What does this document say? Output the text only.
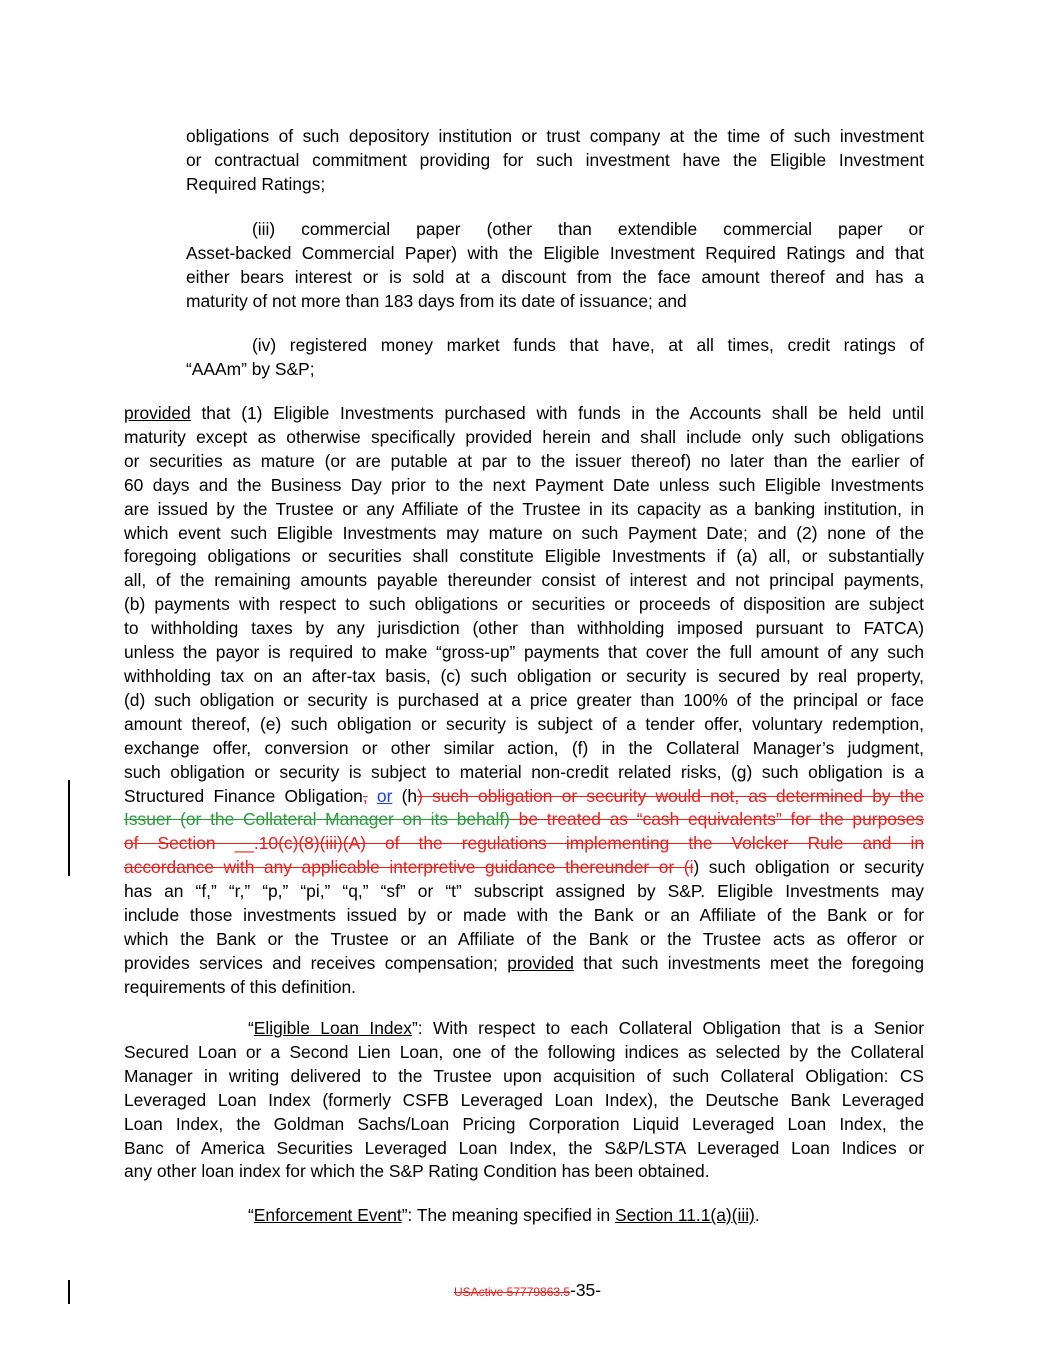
obligations of such depository institution or trust company at the time of such investment
or contractual commitment providing for such investment have the Eligible Investment
Required Ratings;
(iii) commercial paper (other than extendible commercial paper or
Asset-backed Commercial Paper) with the Eligible Investment Required Ratings and that
either bears interest or is sold at a discount from the face amount thereof and has a
maturity of not more than 183 days from its date of issuance; and
(iv) registered money market funds that have, at all times, credit ratings of
“AAAm” by S&P;
provided that (1) Eligible Investments purchased with funds in the Accounts shall be held until
maturity except as otherwise specifically provided herein and shall include only such obligations
or securities as mature (or are putable at par to the issuer thereof) no later than the earlier of
60 days and the Business Day prior to the next Payment Date unless such Eligible Investments
are issued by the Trustee or any Affiliate of the Trustee in its capacity as a banking institution, in
which event such Eligible Investments may mature on such Payment Date; and (2) none of the
foregoing obligations or securities shall constitute Eligible Investments if (a) all, or substantially
all, of the remaining amounts payable thereunder consist of interest and not principal payments,
(b) payments with respect to such obligations or securities or proceeds of disposition are subject
to withholding taxes by any jurisdiction (other than withholding imposed pursuant to FATCA)
unless the payor is required to make “gross-up” payments that cover the full amount of any such
withholding tax on an after-tax basis, (c) such obligation or security is secured by real property,
(d) such obligation or security is purchased at a price greater than 100% of the principal or face
amount thereof, (e) such obligation or security is subject of a tender offer, voluntary redemption,
exchange offer, conversion or other similar action, (f) in the Collateral Manager’s judgment,
such obligation or security is subject to material non-credit related risks, (g) such obligation is a
Structured Finance Obligation, or (h) such obligation or security would not, as determined by the
Issuer (or the Collateral Manager on its behalf) be treated as “cash equivalents” for the purposes
of Section __.10(c)(8)(iii)(A) of the regulations implementing the Volcker Rule and in
accordance with any applicable interpretive guidance thereunder or (i) such obligation or security
has an “f,” “r,” “p,” “pi,” “q,” “sf” or “t” subscript assigned by S&P. Eligible Investments may
include those investments issued by or made with the Bank or an Affiliate of the Bank or for
which the Bank or the Trustee or an Affiliate of the Bank or the Trustee acts as offeror or
provides services and receives compensation; provided that such investments meet the foregoing
requirements of this definition.
“Eligible Loan Index”: With respect to each Collateral Obligation that is a Senior
Secured Loan or a Second Lien Loan, one of the following indices as selected by the Collateral
Manager in writing delivered to the Trustee upon acquisition of such Collateral Obligation: CS
Leveraged Loan Index (formerly CSFB Leveraged Loan Index), the Deutsche Bank Leveraged
Loan Index, the Goldman Sachs/Loan Pricing Corporation Liquid Leveraged Loan Index, the
Banc of America Securities Leveraged Loan Index, the S&P/LSTA Leveraged Loan Indices or
any other loan index for which the S&P Rating Condition has been obtained.
“Enforcement Event”: The meaning specified in Section 11.1(a)(iii).
USActive 57779863.5-35-
